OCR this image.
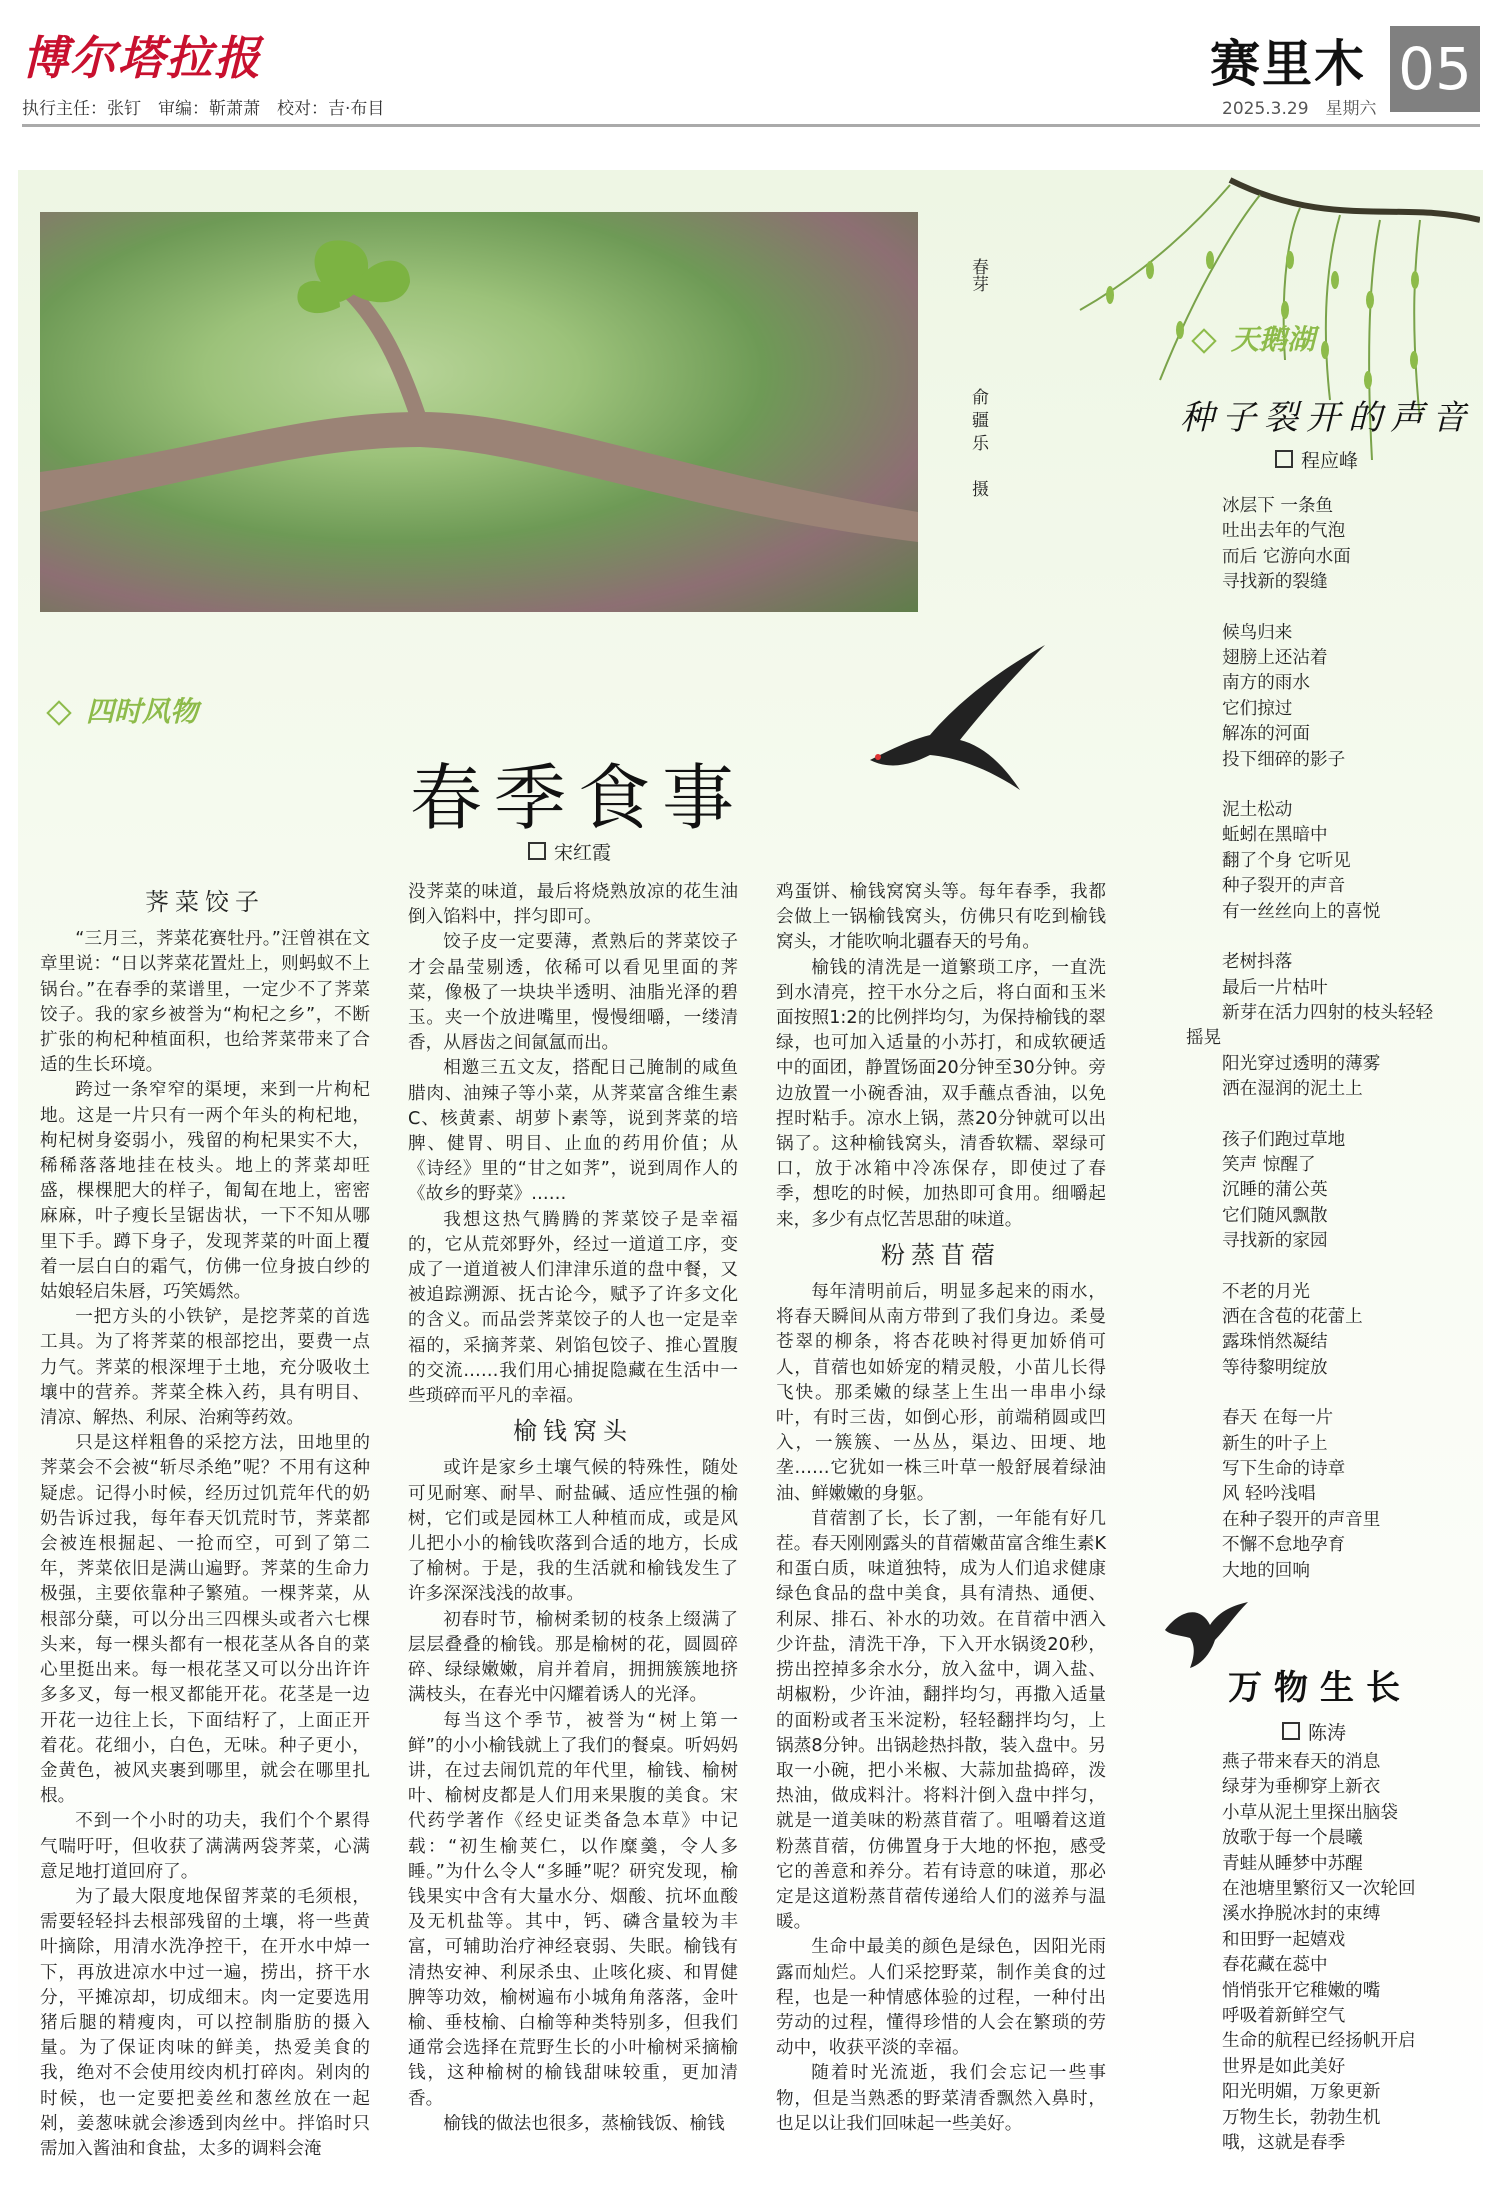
博尔塔拉报
执行主任：张钉　审编：靳萧萧　校对：吉·布目
赛里木 05
2025.3.29　星期六
春芽
俞疆乐　摄
四时风物
天鹅湖
春季食事
宋红霞
荠菜饺子

“三月三，荠菜花赛牡丹。”汪曾祺在文章里说：“日以荠菜花置灶上，则蚂蚁不上锅台。”在春季的菜谱里，一定少不了荠菜饺子。我的家乡被誉为“枸杞之乡”，不断扩张的枸杞种植面积，也给荠菜带来了合适的生长环境。

跨过一条窄窄的渠埂，来到一片枸杞地。这是一片只有一两个年头的枸杞地，枸杞树身姿弱小，残留的枸杞果实不大，稀稀落落地挂在枝头。地上的荠菜却旺盛，棵棵肥大的样子，匍匐在地上，密密麻麻，叶子瘦长呈锯齿状，一下不知从哪里下手。蹲下身子，发现荠菜的叶面上覆着一层白白的霜气，仿佛一位身披白纱的姑娘轻启朱唇，巧笑嫣然。

一把方头的小铁铲，是挖荠菜的首选工具。为了将荠菜的根部挖出，要费一点力气。荠菜的根深埋于土地，充分吸收土壤中的营养。荠菜全株入药，具有明目、清凉、解热、利尿、治痢等药效。

只是这样粗鲁的采挖方法，田地里的荠菜会不会被“斩尽杀绝”呢？不用有这种疑虑。记得小时候，经历过饥荒年代的奶奶告诉过我，每年春天饥荒时节，荠菜都会被连根掘起、一抢而空，可到了第二年，荠菜依旧是满山遍野。荠菜的生命力极强，主要依靠种子繁殖。一棵荠菜，从根部分蘖，可以分出三四棵头或者六七棵头来，每一棵头都有一根花茎从各自的菜心里挺出来。每一根花茎又可以分出许许多多叉，每一根叉都能开花。花茎是一边开花一边往上长，下面结籽了，上面正开着花。花细小，白色，无味。种子更小，金黄色，被风夹裹到哪里，就会在哪里扎根。

不到一个小时的功夫，我们个个累得气喘吁吁，但收获了满满两袋荠菜，心满意足地打道回府了。

为了最大限度地保留荠菜的毛须根，需要轻轻抖去根部残留的土壤，将一些黄叶摘除，用清水洗净控干，在开水中焯一下，再放进凉水中过一遍，捞出，挤干水分，平摊凉却，切成细末。肉一定要选用猪后腿的精瘦肉，可以控制脂肪的摄入量。为了保证肉味的鲜美，热爱美食的我，绝对不会使用绞肉机打碎肉。剁肉的时候，也一定要把姜丝和葱丝放在一起剁，姜葱味就会渗透到肉丝中。拌馅时只需加入酱油和食盐，太多的调料会淹

没荠菜的味道，最后将烧熟放凉的花生油倒入馅料中，拌匀即可。

饺子皮一定要薄，煮熟后的荠菜饺子才会晶莹剔透，依稀可以看见里面的荠菜，像极了一块块半透明、油脂光泽的碧玉。夹一个放进嘴里，慢慢细嚼，一缕清香，从唇齿之间氤氲而出。

相邀三五文友，搭配日己腌制的咸鱼腊肉、油辣子等小菜，从荠菜富含维生素C、核黄素、胡萝卜素等，说到荠菜的培脾、健胃、明目、止血的药用价值；从《诗经》里的“甘之如荠”，说到周作人的《故乡的野菜》……

我想这热气腾腾的荠菜饺子是幸福的，它从荒郊野外，经过一道道工序，变成了一道道被人们津津乐道的盘中餐，又被追踪溯源、抚古论今，赋予了许多文化的含义。而品尝荠菜饺子的人也一定是幸福的，采摘荠菜、剁馅包饺子、推心置腹的交流……我们用心捕捉隐藏在生活中一些琐碎而平凡的幸福。

榆钱窝头

或许是家乡土壤气候的特殊性，随处可见耐寒、耐旱、耐盐碱、适应性强的榆树，它们或是园林工人种植而成，或是风儿把小小的榆钱吹落到合适的地方，长成了榆树。于是，我的生活就和榆钱发生了许多深深浅浅的故事。

初春时节，榆树柔韧的枝条上缀满了层层叠叠的榆钱。那是榆树的花，圆圆碎碎、绿绿嫩嫩，肩并着肩，拥拥簇簇地挤满枝头，在春光中闪耀着诱人的光泽。

每当这个季节，被誉为“树上第一鲜”的小小榆钱就上了我们的餐桌。听妈妈讲，在过去闹饥荒的年代里，榆钱、榆树叶、榆树皮都是人们用来果腹的美食。宋代药学著作《经史证类备急本草》中记载：“初生榆荚仁，以作糜羹，令人多睡。”为什么令人“多睡”呢？研究发现，榆钱果实中含有大量水分、烟酸、抗坏血酸及无机盐等。其中，钙、磷含量较为丰富，可辅助治疗神经衰弱、失眠。榆钱有清热安神、利尿杀虫、止咳化痰、和胃健脾等功效，榆树遍布小城角角落落，金叶榆、垂枝榆、白榆等种类特别多，但我们通常会选择在荒野生长的小叶榆树采摘榆钱，这种榆树的榆钱甜味较重，更加清香。

榆钱的做法也很多，蒸榆钱饭、榆钱

鸡蛋饼、榆钱窝窝头等。每年春季，我都会做上一锅榆钱窝头，仿佛只有吃到榆钱窝头，才能吹响北疆春天的号角。

榆钱的清洗是一道繁琐工序，一直洗到水清亮，控干水分之后，将白面和玉米面按照1:2的比例拌均匀，为保持榆钱的翠绿，也可加入适量的小苏打，和成软硬适中的面团，静置饧面20分钟至30分钟。旁边放置一小碗香油，双手蘸点香油，以免捏时粘手。凉水上锅，蒸20分钟就可以出锅了。这种榆钱窝头，清香软糯、翠绿可口，放于冰箱中冷冻保存，即使过了春季，想吃的时候，加热即可食用。细嚼起来，多少有点忆苦思甜的味道。

粉蒸苜蓿

每年清明前后，明显多起来的雨水，将春天瞬间从南方带到了我们身边。柔曼苍翠的柳条，将杏花映衬得更加娇俏可人，苜蓿也如娇宠的精灵般，小苗儿长得飞快。那柔嫩的绿茎上生出一串串小绿叶，有时三齿，如倒心形，前端稍圆或凹入，一簇簇、一丛丛，渠边、田埂、地垄……它犹如一株三叶草一般舒展着绿油油、鲜嫩嫩的身躯。

苜蓿割了长，长了割，一年能有好几茬。春天刚刚露头的苜蓿嫩苗富含维生素K和蛋白质，味道独特，成为人们追求健康绿色食品的盘中美食，具有清热、通便、利尿、排石、补水的功效。在苜蓿中洒入少许盐，清洗干净，下入开水锅烫20秒，捞出控掉多余水分，放入盆中，调入盐、胡椒粉，少许油，翻拌均匀，再撒入适量的面粉或者玉米淀粉，轻轻翻拌均匀，上锅蒸8分钟。出锅趁热抖散，装入盘中。另取一小碗，把小米椒、大蒜加盐捣碎，泼热油，做成料汁。将料汁倒入盘中拌匀，就是一道美味的粉蒸苜蓿了。咀嚼着这道粉蒸苜蓿，仿佛置身于大地的怀抱，感受它的善意和养分。若有诗意的味道，那必定是这道粉蒸苜蓿传递给人们的滋养与温暖。

生命中最美的颜色是绿色，因阳光雨露而灿烂。人们采挖野菜，制作美食的过程，也是一种情感体验的过程，一种付出劳动的过程，懂得珍惜的人会在繁琐的劳动中，收获平淡的幸福。

随着时光流逝，我们会忘记一些事物，但是当熟悉的野菜清香飘然入鼻时，也足以让我们回味起一些美好。

种子裂开的声音
程应峰
冰层下 一条鱼
吐出去年的气泡
而后 它游向水面
寻找新的裂缝
候鸟归来
翅膀上还沾着
南方的雨水
它们掠过
解冻的河面
投下细碎的影子
泥土松动
蚯蚓在黑暗中
翻了个身 它听见
种子裂开的声音
有一丝丝向上的喜悦
老树抖落
最后一片枯叶
新芽在活力四射的枝头轻轻
摇晃
阳光穿过透明的薄雾
洒在湿润的泥土上
孩子们跑过草地
笑声 惊醒了
沉睡的蒲公英
它们随风飘散
寻找新的家园
不老的月光
洒在含苞的花蕾上
露珠悄然凝结
等待黎明绽放
春天 在每一片
新生的叶子上
写下生命的诗章
风 轻吟浅唱
在种子裂开的声音里
不懈不怠地孕育
大地的回响
万物生长
陈涛
燕子带来春天的消息
绿芽为垂柳穿上新衣
小草从泥土里探出脑袋
放歌于每一个晨曦
青蛙从睡梦中苏醒
在池塘里繁衍又一次轮回
溪水挣脱冰封的束缚
和田野一起嬉戏
春花藏在蕊中
悄悄张开它稚嫩的嘴
呼吸着新鲜空气
生命的航程已经扬帆开启
世界是如此美好
阳光明媚，万象更新
万物生长，勃勃生机
哦，这就是春季
